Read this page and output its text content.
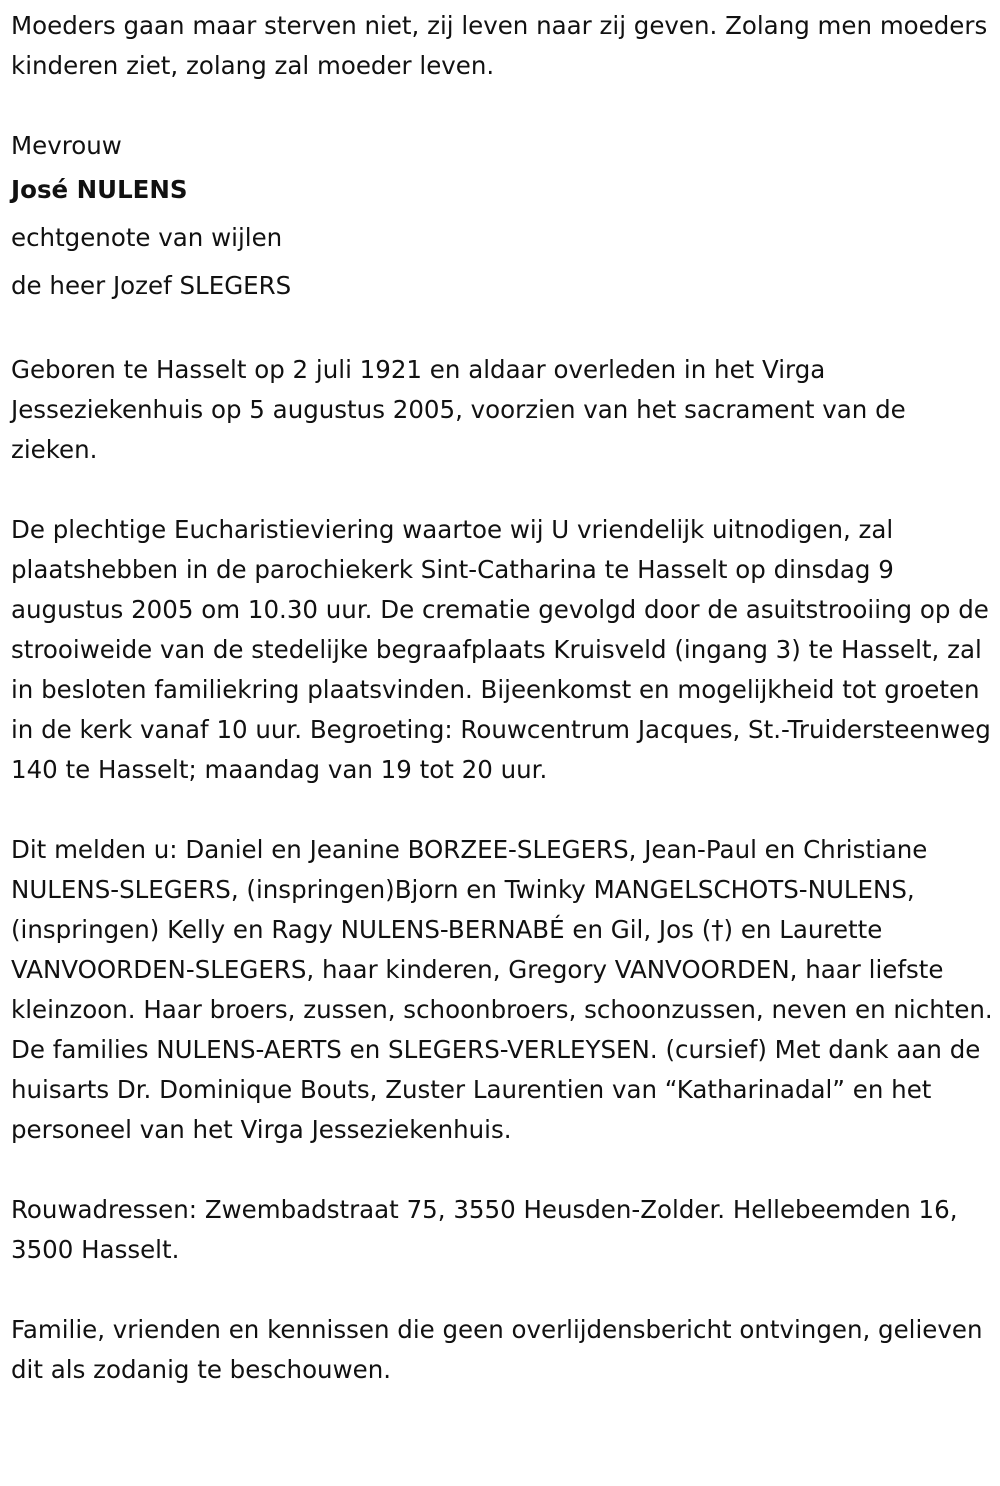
Moeders gaan maar sterven niet, zij leven naar zij geven. Zolang men moeders kinderen ziet, zolang zal moeder leven.

Mevrouw

José NULENS

echtgenote van wijlen

de heer Jozef SLEGERS

Geboren te Hasselt op 2 juli 1921 en aldaar overleden in het Virga Jesseziekenhuis op 5 augustus 2005, voorzien van het sacrament van de zieken.

De plechtige Eucharistieviering waartoe wij U vriendelijk uitnodigen, zal plaatshebben in de parochiekerk Sint-Catharina te Hasselt op dinsdag 9 augustus 2005 om 10.30 uur. De crematie gevolgd door de asuitstrooiing op de strooiweide van de stedelijke begraafplaats Kruisveld (ingang 3) te Hasselt, zal in besloten familiekring plaatsvinden. Bijeenkomst en mogelijkheid tot groeten in de kerk vanaf 10 uur. Begroeting: Rouwcentrum Jacques, St.-Truidersteenweg 140 te Hasselt; maandag van 19 tot 20 uur.

Dit melden u: Daniel en Jeanine BORZEE-SLEGERS, Jean-Paul en Christiane NULENS-SLEGERS, (inspringen)Bjorn en Twinky MANGELSCHOTS-NULENS, (inspringen) Kelly en Ragy NULENS-BERNABÉ en Gil, Jos (†) en Laurette VANVOORDEN-SLEGERS, haar kinderen, Gregory VANVOORDEN, haar liefste kleinzoon. Haar broers, zussen, schoonbroers, schoonzussen, neven en nichten. De families NULENS-AERTS en SLEGERS-VERLEYSEN. (cursief) Met dank aan de huisarts Dr. Dominique Bouts, Zuster Laurentien van “Katharinadal” en het personeel van het Virga Jesseziekenhuis.

Rouwadressen: Zwembadstraat 75, 3550 Heusden-Zolder. Hellebeemden 16, 3500 Hasselt.

Familie, vrienden en kennissen die geen overlijdensbericht ontvingen, gelieven dit als zodanig te beschouwen.
